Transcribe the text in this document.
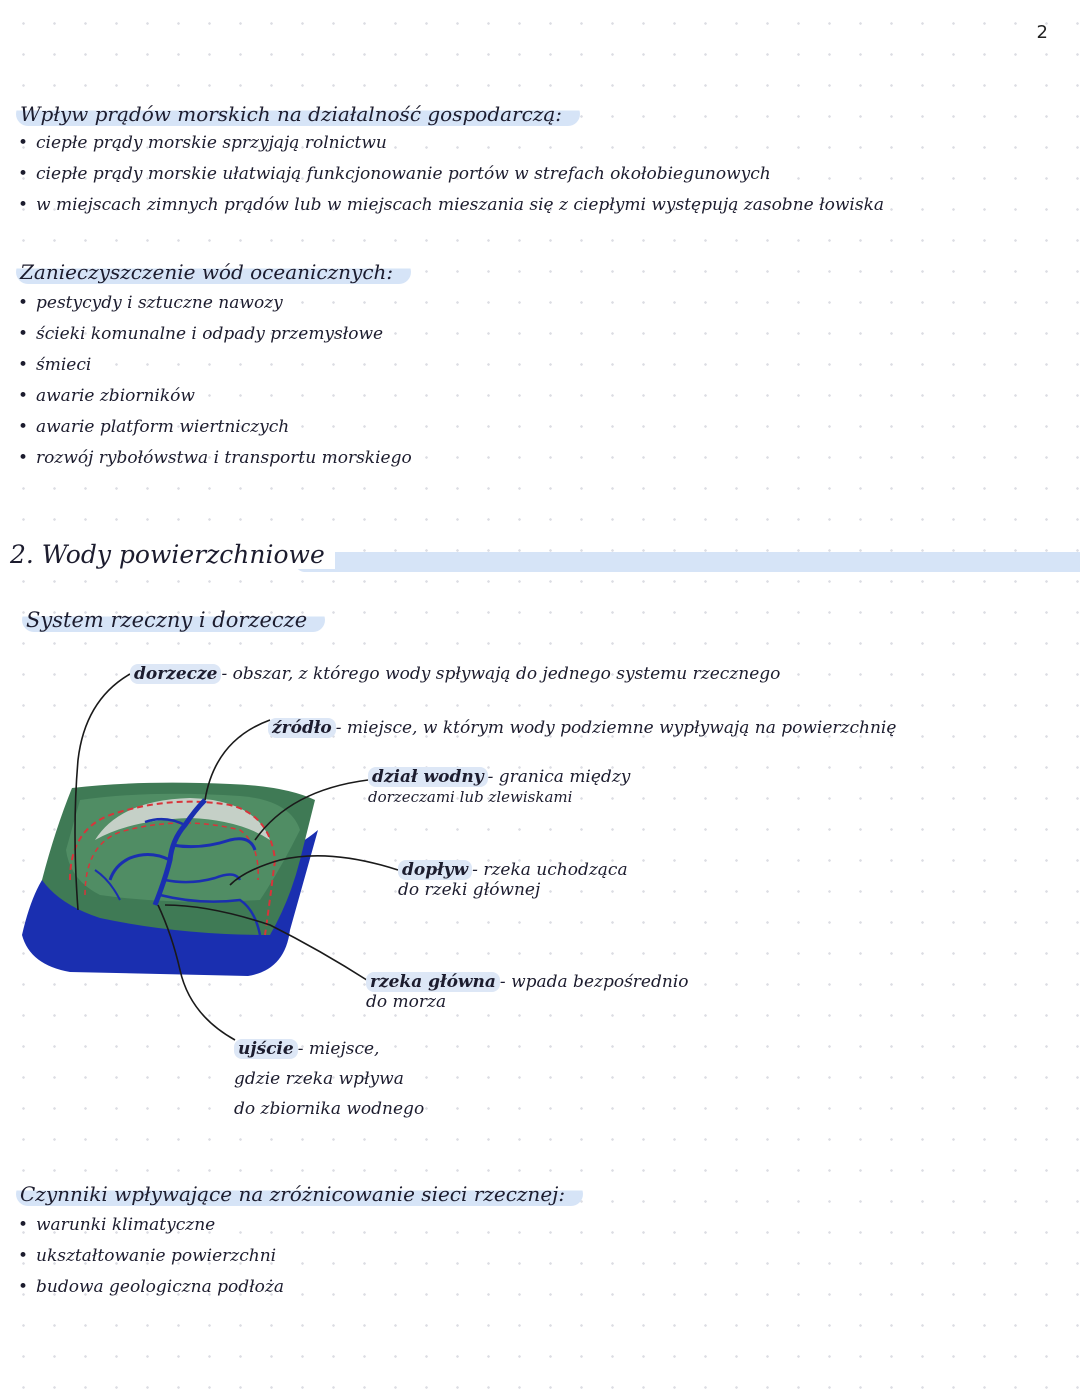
2
Wpływ prądów morskich na działalność gospodarczą:
• ciepłe prądy morskie sprzyjają rolnictwu
• ciepłe prądy morskie ułatwiają funkcjonowanie portów w strefach okołobiegunowych
• w miejscach zimnych prądów lub w miejscach mieszania się z ciepłymi występują zasobne łowiska
Zanieczyszczenie wód oceanicznych:
• pestycydy i sztuczne nawozy
• ścieki komunalne i odpady przemysłowe
• śmieci
• awarie zbiorników
• awarie platform wiertniczych
• rozwój rybołówstwa i transportu morskiego
2. Wody powierzchniowe
System rzeczny i dorzecze
dorzecze - obszar, z którego wody spływają do jednego systemu rzecznego
źródło - miejsce, w którym wody podziemne wypływają na powierzchnię
dział wodny - granica między
dorzeczami lub zlewiskami
dopływ - rzeka uchodząca
do rzeki głównej
rzeka główna - wpada bezpośrednio
do morza
ujście - miejsce,
gdzie rzeka wpływa
do zbiornika wodnego
Czynniki wpływające na zróżnicowanie sieci rzecznej:
• warunki klimatyczne
• ukształtowanie powierzchni
• budowa geologiczna podłoża
